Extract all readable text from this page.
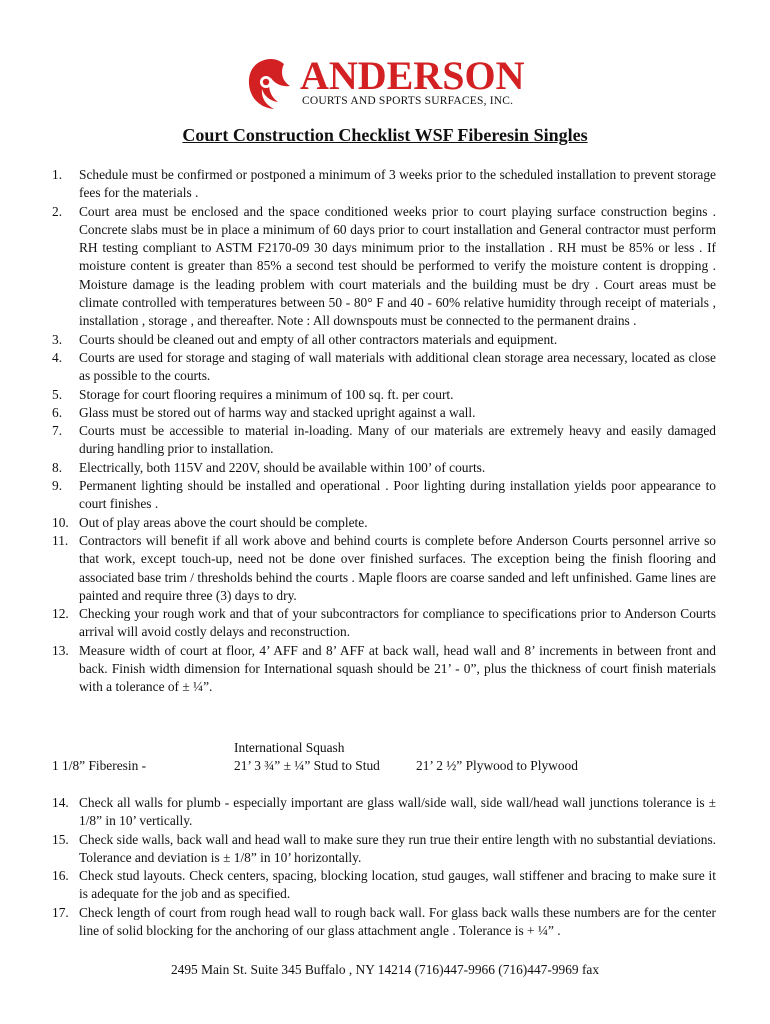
ANDERSON
COURTS AND SPORTS SURFACES, INC.
Court Construction Checklist WSF Fiberesin Singles
1. Schedule must be confirmed or postponed a minimum of 3 weeks prior to the scheduled installation to prevent storage fees for the materials .
2. Court area must be enclosed and the space conditioned weeks prior to court playing surface construction begins . Concrete slabs must be in place a minimum of 60 days prior to court installation and General contractor must perform RH testing compliant to ASTM F2170-09 30 days minimum prior to the installation . RH must be 85% or less . If moisture content is greater than 85% a second test should be performed to verify the moisture content is dropping . Moisture damage is the leading problem with court materials and the building must be dry . Court areas must be climate controlled with temperatures between 50 - 80° F and 40 - 60% relative humidity through receipt of materials , installation , storage , and thereafter. Note : All downspouts must be connected to the permanent drains .
3. Courts should be cleaned out and empty of all other contractors materials and equipment.
4. Courts are used for storage and staging of wall materials with additional clean storage area necessary, located as close as possible to the courts.
5. Storage for court flooring requires a minimum of 100 sq. ft. per court.
6. Glass must be stored out of harms way and stacked upright against a wall.
7. Courts must be accessible to material in-loading. Many of our materials are extremely heavy and easily damaged during handling prior to installation.
8. Electrically, both 115V and 220V, should be available within 100’ of courts.
9. Permanent lighting should be installed and operational . Poor lighting during installation yields poor appearance to court finishes .
10. Out of play areas above the court should be complete.
11. Contractors will benefit if all work above and behind courts is complete before Anderson Courts personnel arrive so that work, except touch-up, need not be done over finished surfaces. The exception being the finish flooring and associated base trim / thresholds behind the courts . Maple floors are coarse sanded and left unfinished. Game lines are painted and require three (3) days to dry.
12. Checking your rough work and that of your subcontractors for compliance to specifications prior to Anderson Courts arrival will avoid costly delays and reconstruction.
13. Measure width of court at floor, 4’ AFF and 8’ AFF at back wall, head wall and 8’ increments in between front and back. Finish width dimension for International squash should be 21’ - 0”, plus the thickness of court finish materials with a tolerance of ± ¼”.
International Squash
1 1/8” Fiberesin -	21’ 3 ¾” ± ¼” Stud to Stud	21’ 2 ½” Plywood to Plywood
14. Check all walls for plumb - especially important are glass wall/side wall, side wall/head wall junctions tolerance is ± 1/8” in 10’ vertically.
15. Check side walls, back wall and head wall to make sure they run true their entire length with no substantial deviations. Tolerance and deviation is ± 1/8” in 10’ horizontally.
16. Check stud layouts. Check centers, spacing, blocking location, stud gauges, wall stiffener and bracing to make sure it is adequate for the job and as specified.
17. Check length of court from rough head wall to rough back wall. For glass back walls these numbers are for the center line of solid blocking for the anchoring of our glass attachment angle . Tolerance is + ¼” .
2495 Main St. Suite 345 Buffalo , NY 14214 (716)447-9966 (716)447-9969 fax
